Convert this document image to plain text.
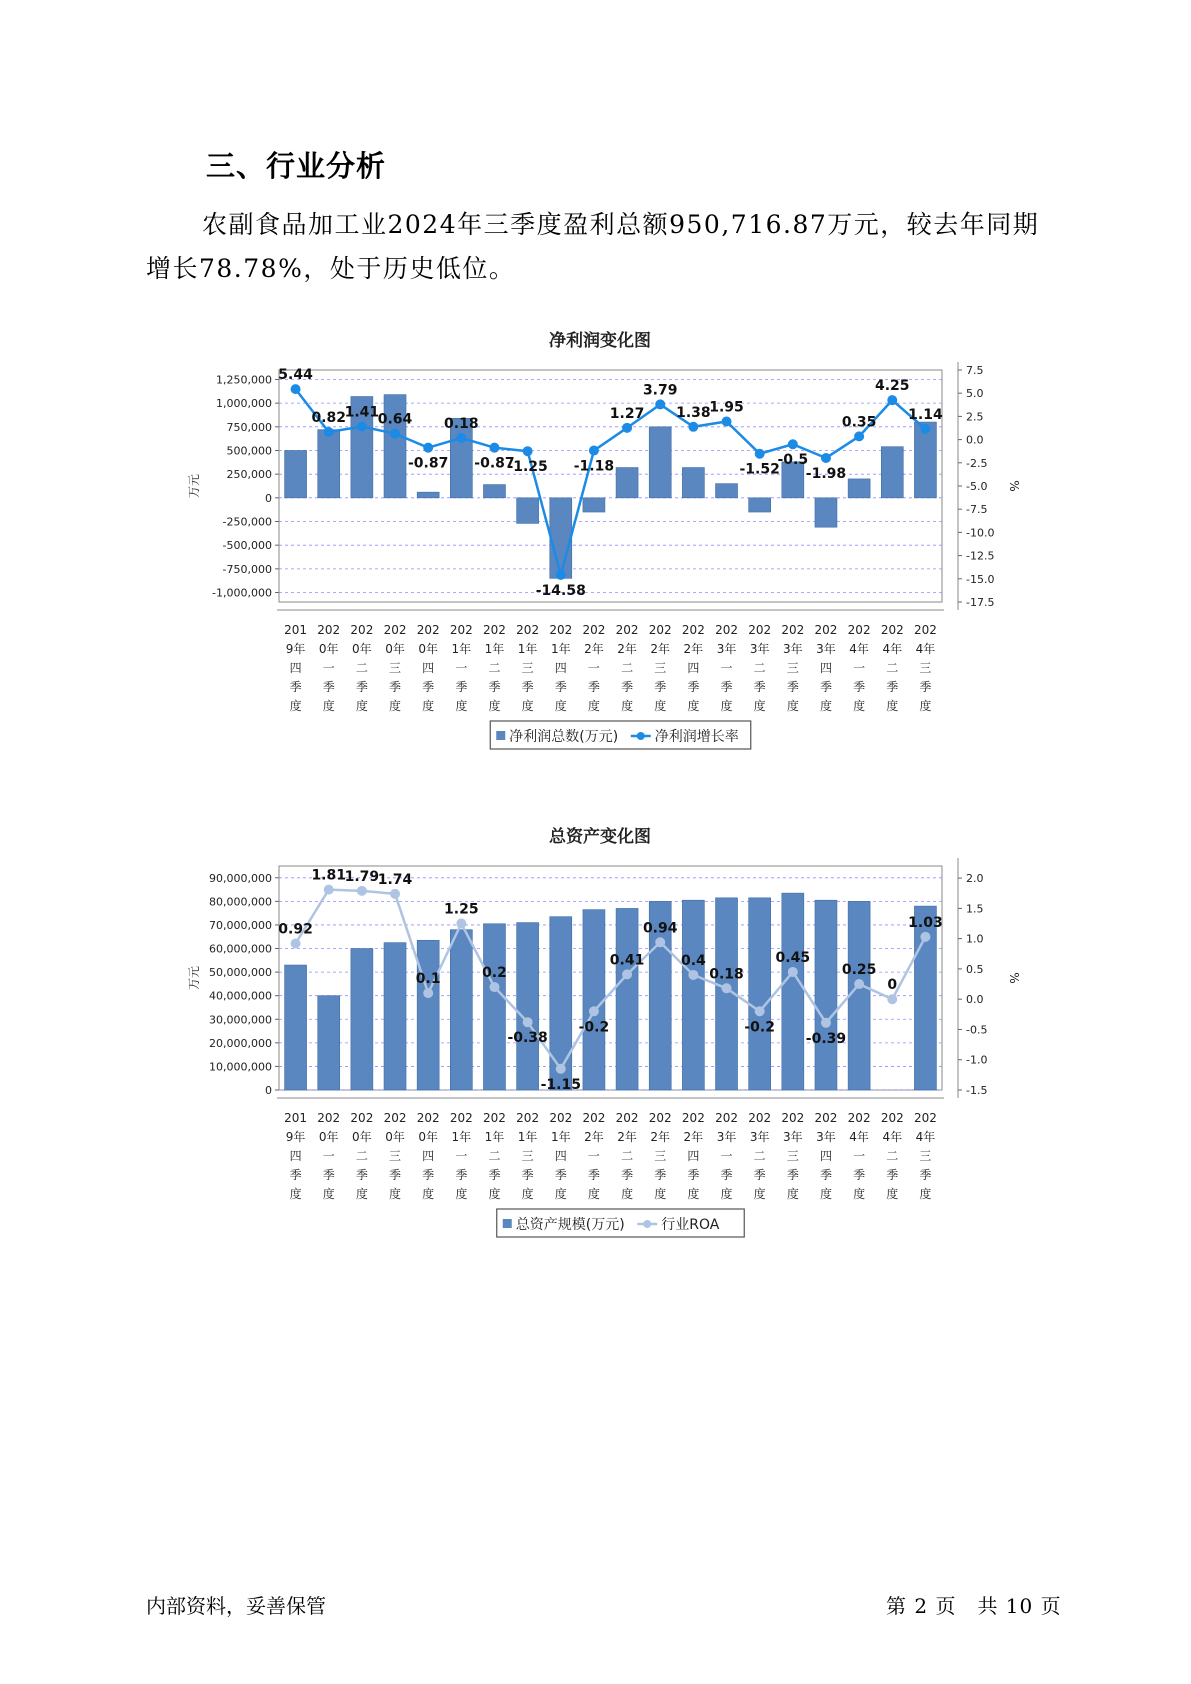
三、行业分析
农副食品加工业2024年三季度盈利总额950,716.87万元，较去年同期增长78.78%，处于历史低位。
净利润变化图
1,250,000
1,000,000
750,000
500,000
250,000
0
-250,000
-500,000
-750,000
-1,000,000
7.5
5.0
2.5
0.0
-2.5
-5.0
-7.5
-10.0
-12.5
-15.0
-17.5
万元	%
5.44
0.82
1.41
0.64
-0.87
0.18
-0.87
-1.25
-14.58
-1.18
1.27
3.79
1.38
1.95
-1.52
-0.5
-1.98
0.35
4.25
1.14
201
9年
四
季
度
202
0年
一
季
度
202
0年
二
季
度
202
0年
三
季
度
202
0年
四
季
度
202
1年
一
季
度
202
1年
二
季
度
202
1年
三
季
度
202
1年
四
季
度
202
2年
一
季
度
202
2年
二
季
度
202
2年
三
季
度
202
2年
四
季
度
202
3年
一
季
度
202
3年
二
季
度
202
3年
三
季
度
202
3年
四
季
度
202
4年
一
季
度
202
4年
二
季
度
202
4年
三
季
度
净利润总数(万元)	净利润增长率
总资产变化图
90,000,000
80,000,000
70,000,000
60,000,000
50,000,000
40,000,000
30,000,000
20,000,000
10,000,000
0
2.0
1.5
1.0
0.5
0.0
-0.5
-1.0
-1.5
万元	%
0.92
1.81
1.79
1.74
0.1
1.25
0.2
-0.38
-1.15
-0.2
0.41
0.94
0.4
0.18
-0.2
0.45
-0.39
0.25
0
1.03
201
9年
四
季
度
202
0年
一
季
度
202
0年
二
季
度
202
0年
三
季
度
202
0年
四
季
度
202
1年
一
季
度
202
1年
二
季
度
202
1年
三
季
度
202
1年
四
季
度
202
2年
一
季
度
202
2年
二
季
度
202
2年
三
季
度
202
2年
四
季
度
202
3年
一
季
度
202
3年
二
季
度
202
3年
三
季
度
202
3年
四
季
度
202
4年
一
季
度
202
4年
二
季
度
202
4年
三
季
度
总资产规模(万元)	行业ROA
内部资料，妥善保管	第 2 页　共 10 页
